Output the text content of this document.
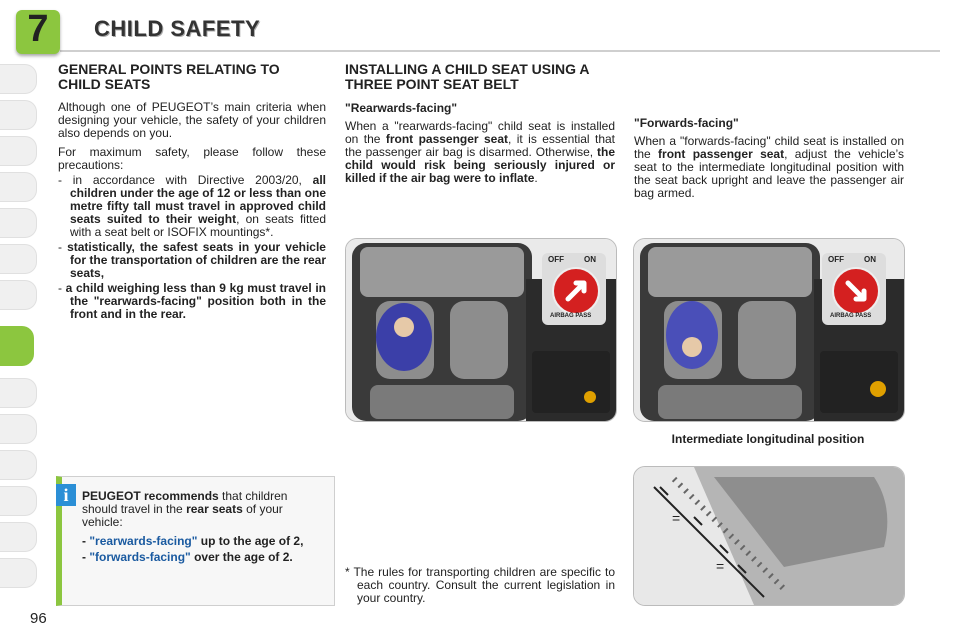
7	CHILD SAFETY
GENERAL POINTS RELATING TO CHILD SEATS

Although one of PEUGEOT’s main criteria when designing your vehicle, the safety of your children also depends on you.

For maximum safety, please follow these precautions:

- in accordance with Directive 2003/20, all children under the age of 12 or less than one metre fifty tall must travel in approved child seats suited to their weight, on seats fitted with a seat belt or ISOFIX mountings*.

- statistically, the safest seats in your vehicle for the transportation of children are the rear seats,

- a child weighing less than 9 kg must travel in the "rearwards-facing" position both in the front and in the rear.

i	PEUGEOT recommends that children should travel in the rear seats of your vehicle:

- "rearwards-facing" up to the age of 2,

- "forwards-facing" over the age of 2.

INSTALLING A CHILD SEAT USING A THREE POINT SEAT BELT

"Rearwards-facing"

When a "rearwards-facing" child seat is installed on the front passenger seat, it is essential that the passenger air bag is disarmed. Otherwise, the child would risk being seriously injured or killed if the air bag were to inflate.

"Forwards-facing"

When a "forwards-facing" child seat is installed on the front passenger seat, adjust the vehicle’s seat to the intermediate longitudinal position with the seat back upright and leave the passenger air bag armed.

OFF	ON
AIRBAG PASS
OFF	ON
AIRBAG PASS
Intermediate longitudinal position
=
=

* The rules for transporting children are specific to each country. Consult the current legislation in your country.

96
